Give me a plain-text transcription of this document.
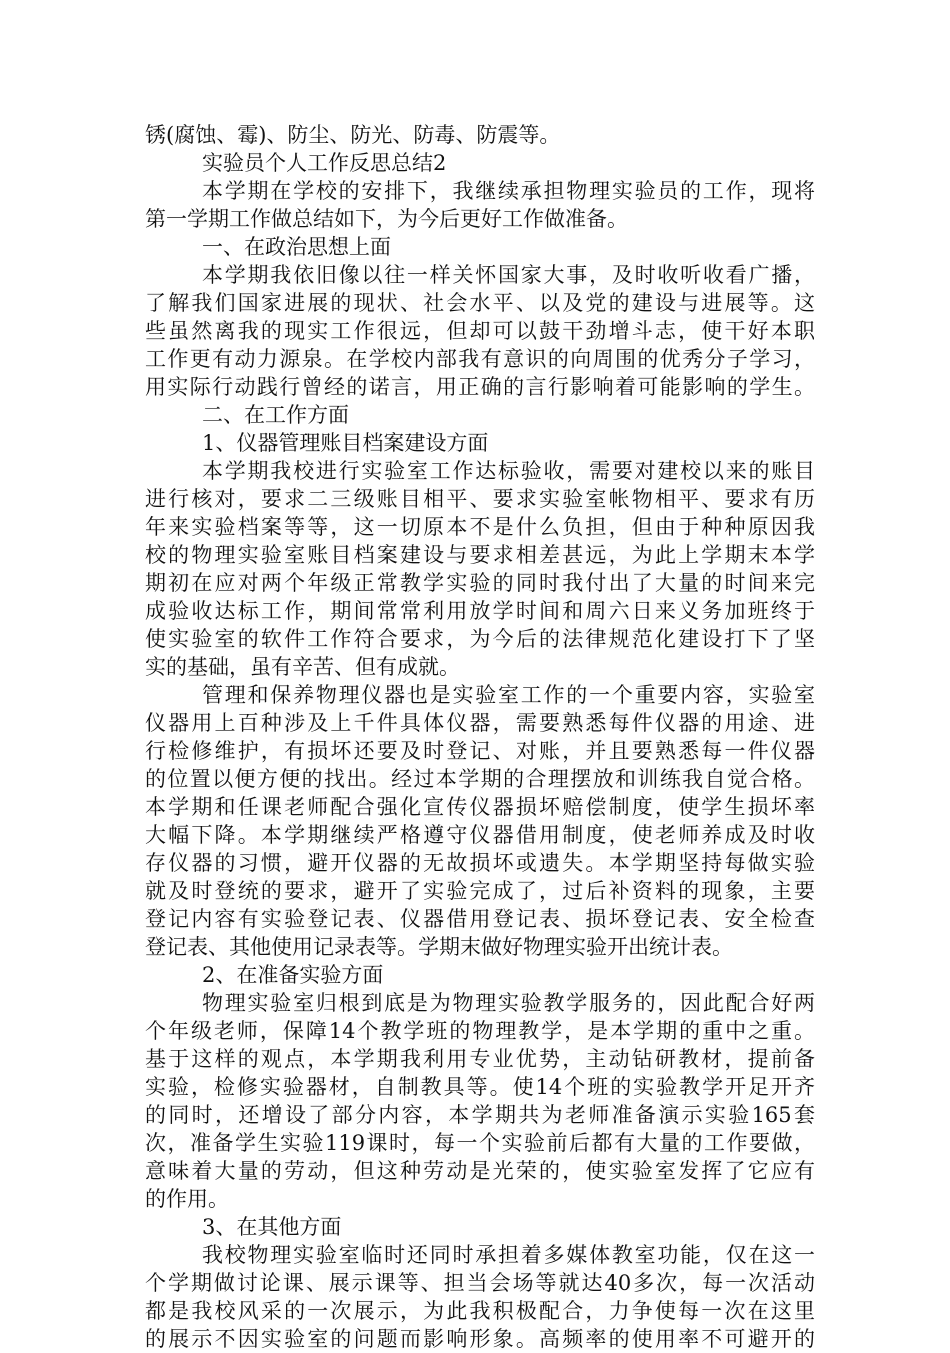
锈(腐蚀、霉)、防尘、防光、防毒、防震等。
实验员个人工作反思总结2
本学期在学校的安排下，我继续承担物理实验员的工作，现将
第一学期工作做总结如下，为今后更好工作做准备。
一、在政治思想上面
本学期我依旧像以往一样关怀国家大事，及时收听收看广播，
了解我们国家进展的现状、社会水平、以及党的建设与进展等。这
些虽然离我的现实工作很远，但却可以鼓干劲增斗志，使干好本职
工作更有动力源泉。在学校内部我有意识的向周围的优秀分子学习，
用实际行动践行曾经的诺言，用正确的言行影响着可能影响的学生。
二、在工作方面
1、仪器管理账目档案建设方面
本学期我校进行实验室工作达标验收，需要对建校以来的账目
进行核对，要求二三级账目相平、要求实验室帐物相平、要求有历
年来实验档案等等，这一切原本不是什么负担，但由于种种原因我
校的物理实验室账目档案建设与要求相差甚远，为此上学期末本学
期初在应对两个年级正常教学实验的同时我付出了大量的时间来完
成验收达标工作，期间常常利用放学时间和周六日来义务加班终于
使实验室的软件工作符合要求，为今后的法律规范化建设打下了坚
实的基础，虽有辛苦、但有成就。
管理和保养物理仪器也是实验室工作的一个重要内容，实验室
仪器用上百种涉及上千件具体仪器，需要熟悉每件仪器的用途、进
行检修维护，有损坏还要及时登记、对账，并且要熟悉每一件仪器
的位置以便方便的找出。经过本学期的合理摆放和训练我自觉合格。
本学期和任课老师配合强化宣传仪器损坏赔偿制度，使学生损坏率
大幅下降。本学期继续严格遵守仪器借用制度，使老师养成及时收
存仪器的习惯，避开仪器的无故损坏或遗失。本学期坚持每做实验
就及时登统的要求，避开了实验完成了，过后补资料的现象，主要
登记内容有实验登记表、仪器借用登记表、损坏登记表、安全检查
登记表、其他使用记录表等。学期末做好物理实验开出统计表。
2、在准备实验方面
物理实验室归根到底是为物理实验教学服务的，因此配合好两
个年级老师，保障14个教学班的物理教学，是本学期的重中之重。
基于这样的观点，本学期我利用专业优势，主动钻研教材，提前备
实验，检修实验器材，自制教具等。使14个班的实验教学开足开齐
的同时，还增设了部分内容，本学期共为老师准备演示实验165套
次，准备学生实验119课时，每一个实验前后都有大量的工作要做，
意味着大量的劳动，但这种劳动是光荣的，使实验室发挥了它应有
的作用。
3、在其他方面
我校物理实验室临时还同时承担着多媒体教室功能，仅在这一
个学期做讨论课、展示课等、担当会场等就达40多次，每一次活动
都是我校风采的一次展示，为此我积极配合，力争使每一次在这里
的展示不因实验室的问题而影响形象。高频率的使用率不可避开的
